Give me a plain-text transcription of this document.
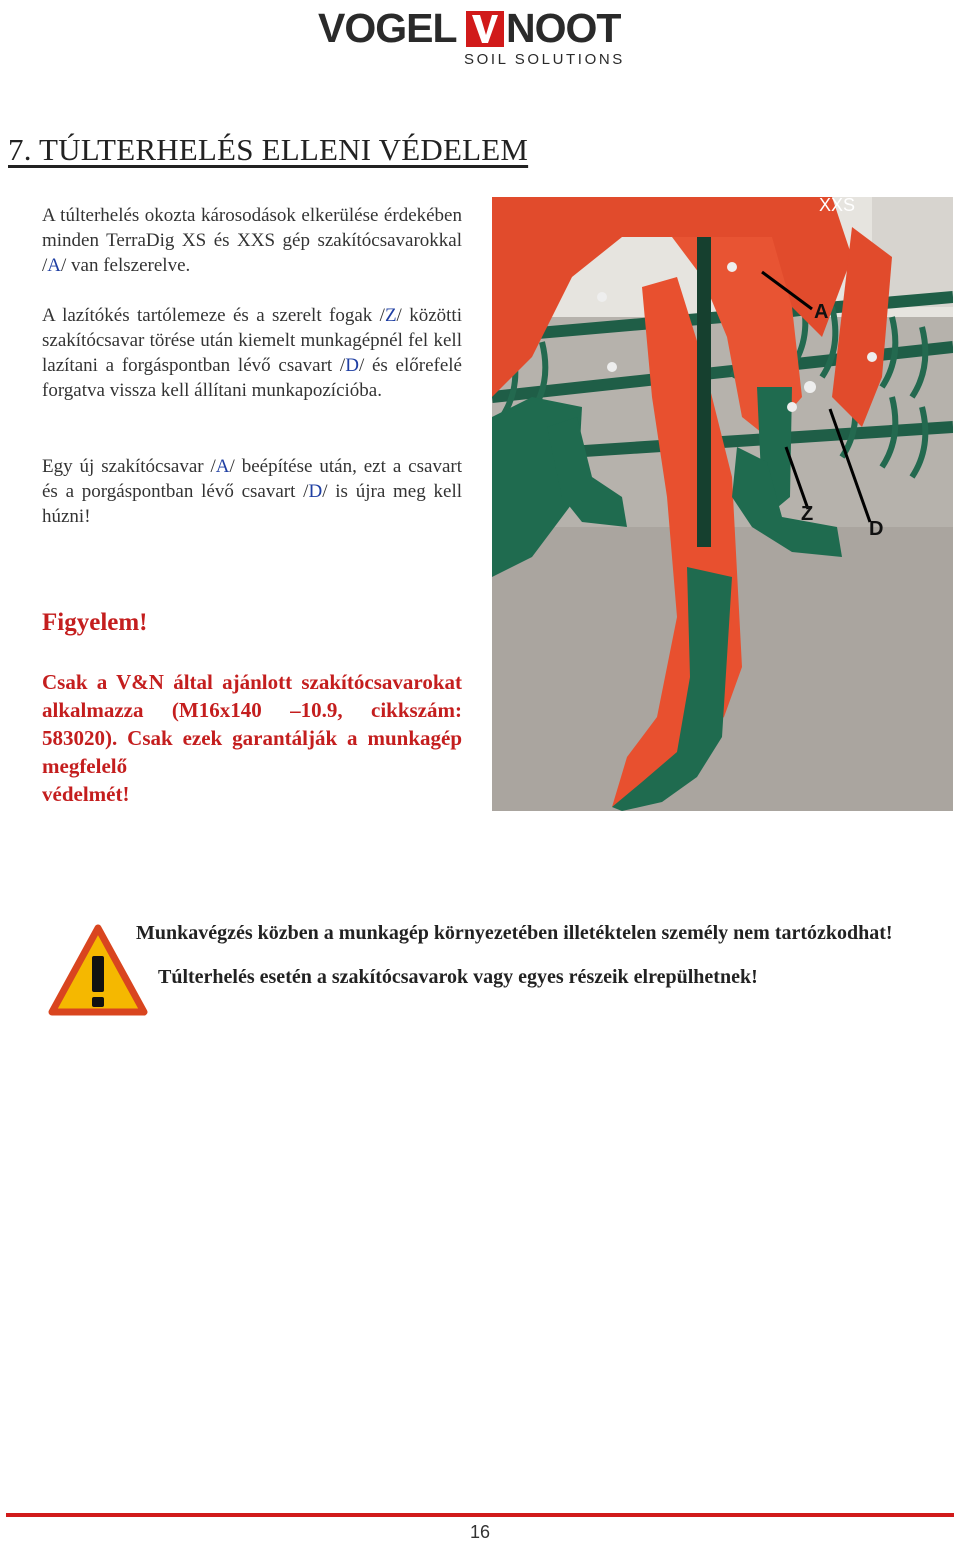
VOGEL NOOT
SOIL SOLUTIONS
7. TÚLTERHELÉS ELLENI VÉDELEM
A túlterhelés okozta károsodások elkerülése érdekében minden TerraDig XS és XXS gép szakítócsavarokkal /A/ van felszerelve.
A lazítókés tartólemeze és a szerelt fogak /Z/ közötti szakítócsavar törése után kiemelt munkagépnél fel kell lazítani a forgáspontban lévő csavart /D/ és előrefelé forgatva vissza kell állítani munkapozícióba.
Egy új szakítócsavar /A/ beépítése után, ezt a csavart és a porgáspontban lévő csavart /D/ is újra meg kell húzni!
Figyelem!
Csak a V&N által ajánlott szakítócsavarokat alkalmazza (M16x140 –10.9, cikkszám: 583020). Csak ezek garantálják a munkagép megfelelő
védelmét!
XXS
A
Z
D
Munkavégzés közben a munkagép környezetében illetéktelen személy nem tartózkodhat!
Túlterhelés esetén a szakítócsavarok vagy egyes részeik elrepülhetnek!
16
